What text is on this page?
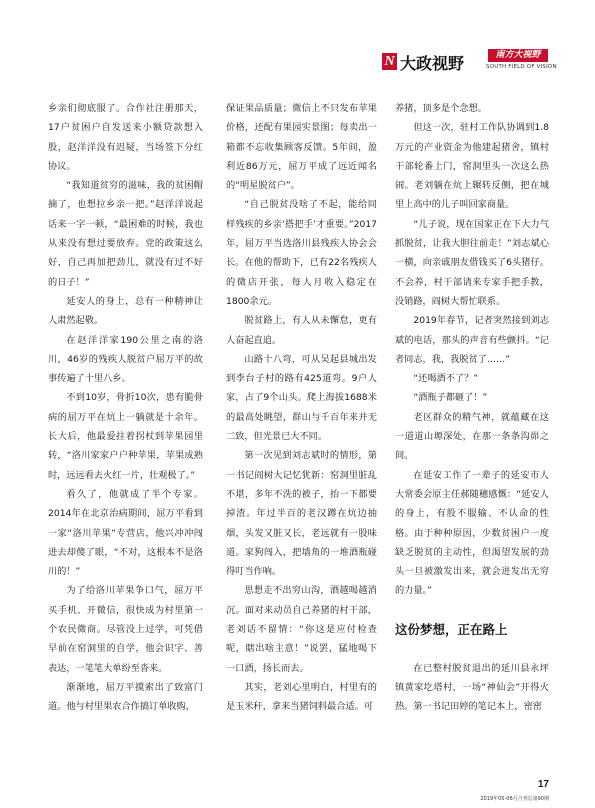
N 大政视野	南方大视野
SOUTH FIELD OF VISION

乡亲们彻底服了。合作社注册那天，17户贫困户自发送来小额贷款想入股，赵洋洋没有迟疑，当场签下分红协议。

“我知道贫穷的滋味，我的贫困帽摘了，也想拉乡亲一把。”赵洋洋说起话来一字一顿，“最困难的时候，我也从来没有想过要放弃。党的政策这么好，自己再加把劲儿，就没有过不好的日子！”

延安人的身上，总有一种精神让人肃然起敬。

在赵洋洋家190公里之南的洛川，46岁的残疾人脱贫户屈万平的故事传遍了十里八乡。

不到10岁，骨折10次，患有脆骨病的屈万平在炕上一躺就是十余年。长大后，他最爱拄着拐杖到苹果园里转，“洛川家家户户种苹果，苹果成熟时，远远看去火红一片，壮观极了。”

看久了，他就成了半个专家。2014年在北京治病期间，屈万平看到一家“洛川苹果”专营店，他兴冲冲闯进去却傻了眼，“不对，这根本不是洛川的！”

为了给洛川苹果争口气，屈万平买手机、开微信，很快成为村里第一个农民微商。尽管没上过学，可凭借早前在窑洞里的自学，他会识字、善表达，一笔笔大单纷至沓来。

渐渐地，屈万平摸索出了致富门道。他与村里果农合作搞订单收购，

保证果品质量；微信上不只发布苹果价格，还配有果园实景图；每卖出一箱都不忘收集顾客反馈。5年间，盈利近86万元，屈万平成了远近闻名的“明星脱贫户”。

“自己脱贫没啥了不起，能给同样残疾的乡亲‘搭把手’才重要。”2017年，屈万平当选洛川县残疾人协会会长。在他的帮助下，已有22名残疾人的微店开张，每人月收入稳定在1800余元。

脱贫路上，有人从未懈怠，更有人奋起直追。

山路十八弯，可从吴起县城出发到李台子村的路有425道弯。9户人家，占了9个山头。爬上海拔1688米的最高处眺望，群山与千百年来并无二致，但光景已大不同。

第一次见到刘志斌时的情形，第一书记阎树大记忆犹新：窑洞里脏乱不堪，多年不洗的被子，抬一下都要掉渣。年过半百的老汉蹲在炕边抽烟，头发又脏又长，老远就有一股味道。家狗闯入，把墙角的一堆酒瓶碰得叮当作响。

思想走不出穷山沟，酒越喝越消沉。面对来动员自己养猪的村干部，老刘话不留情：“你这是应付检查呢，瞎出啥主意！”说罢，猛地喝下一口酒，扬长而去。

其实，老刘心里明白，村里有的是玉米秆，拿来当猪饲料最合适。可

养猪，顶多是个念想。

但这一次，驻村工作队协调到1.8万元的产业资金为他建起猪舍，镇村干部轮番上门，窑洞里头一次这么热闹。老刘躺在炕上辗转反侧，把在城里上高中的儿子叫回家商量。

“儿子说，现在国家正在下大力气抓脱贫，让我大胆往前走！”刘志斌心一横，向亲戚朋友借钱买了6头猪仔。不会养，村干部请来专家手把手教，没销路，阎树大帮忙联系。

2019年春节，记者突然接到刘志斌的电话，那头的声音有些颤抖。“记者同志，我，我脱贫了……”

“还喝酒不了？”

“酒瓶子都砸了！”

老区群众的精气神，就蕴藏在这一道道山塬深处，在那一条条沟峁之间。

在延安工作了一辈子的延安市人大常委会原主任郝随穗感慨：“延安人的身上，有股不服输、不认命的性格。由于种种原因，少数贫困户一度缺乏脱贫的主动性，但渴望发展的劲头一旦被激发出来，就会迸发出无穷的力量。”

这份梦想，正在路上

在已整村脱贫退出的延川县永坪镇黄家圪塔村，一场“神仙会”开得火热。第一书记田婷的笔记本上，密密

17
2019年05-06月合刊总第90期
